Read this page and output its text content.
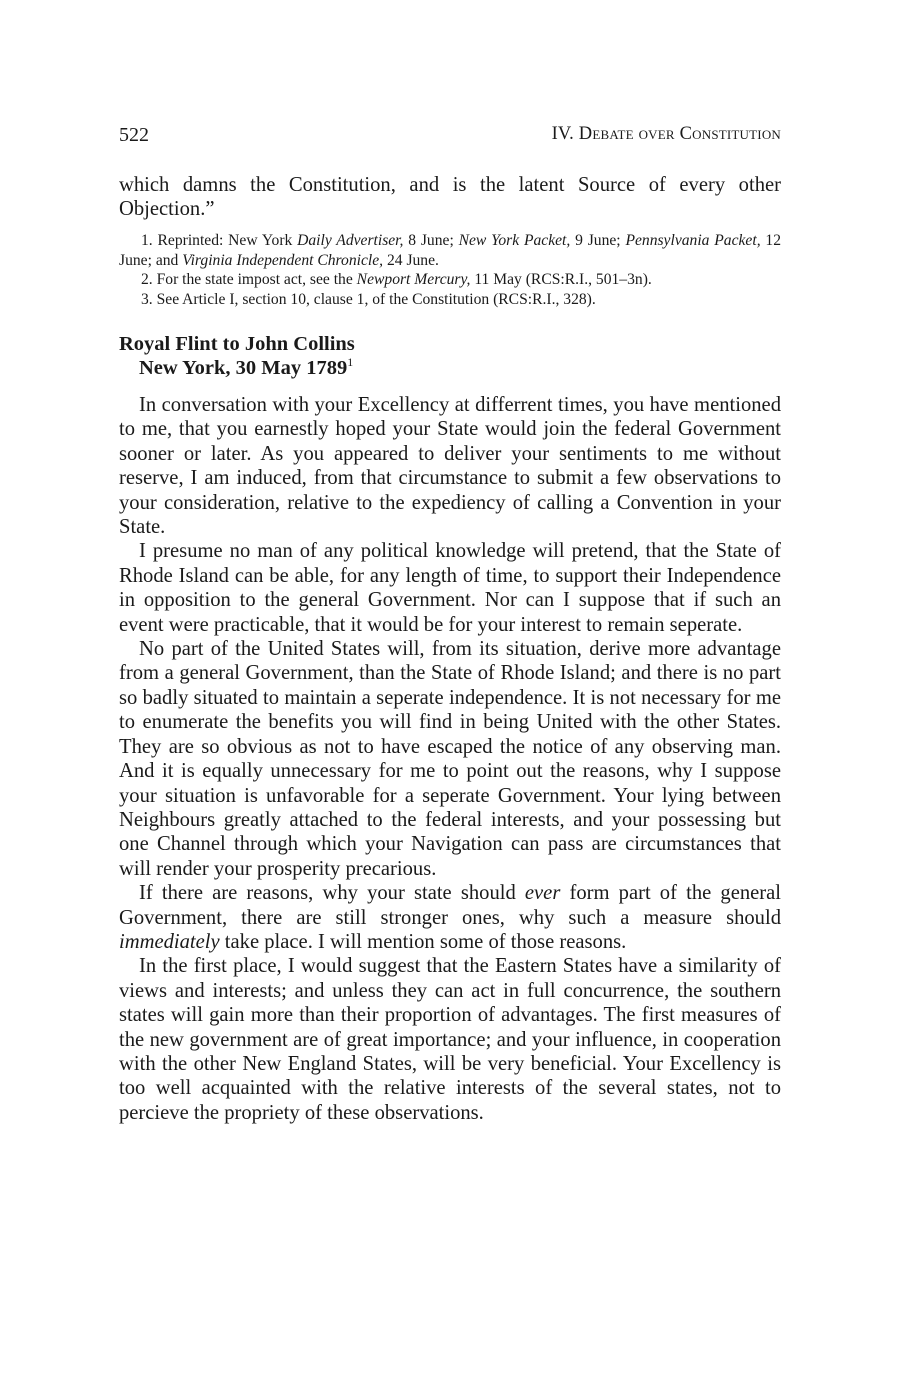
522	IV. Debate over Constitution

which damns the Constitution, and is the latent Source of every other Objection.”

1. Reprinted: New York Daily Advertiser, 8 June; New York Packet, 9 June; Pennsylvania Packet, 12 June; and Virginia Independent Chronicle, 24 June.

2. For the state impost act, see the Newport Mercury, 11 May (RCS:R.I., 501–3n).

3. See Article I, section 10, clause 1, of the Constitution (RCS:R.I., 328).

Royal Flint to John Collins

New York, 30 May 1789$^1$

In conversation with your Excellency at differrent times, you have mentioned to me, that you earnestly hoped your State would join the federal Government sooner or later. As you appeared to deliver your sentiments to me without reserve, I am induced, from that circumstance to submit a few observations to your consideration, relative to the expediency of calling a Convention in your State.

I presume no man of any political knowledge will pretend, that the State of Rhode Island can be able, for any length of time, to support their Independence in opposition to the general Government. Nor can I suppose that if such an event were practicable, that it would be for your interest to remain seperate.

No part of the United States will, from its situation, derive more advantage from a general Government, than the State of Rhode Island; and there is no part so badly situated to maintain a seperate independence. It is not necessary for me to enumerate the benefits you will find in being United with the other States. They are so obvious as not to have escaped the notice of any observing man. And it is equally unnecessary for me to point out the reasons, why I suppose your situation is unfavorable for a seperate Government. Your lying between Neighbours greatly attached to the federal interests, and your possessing but one Channel through which your Navigation can pass are circumstances that will render your prosperity precarious.

If there are reasons, why your state should ever form part of the general Government, there are still stronger ones, why such a measure should immediately take place. I will mention some of those reasons.

In the first place, I would suggest that the Eastern States have a similarity of views and interests; and unless they can act in full concurrence, the southern states will gain more than their proportion of advantages. The first measures of the new government are of great importance; and your influence, in cooperation with the other New England States, will be very beneficial. Your Excellency is too well acquainted with the relative interests of the several states, not to percieve the propriety of these observations.
